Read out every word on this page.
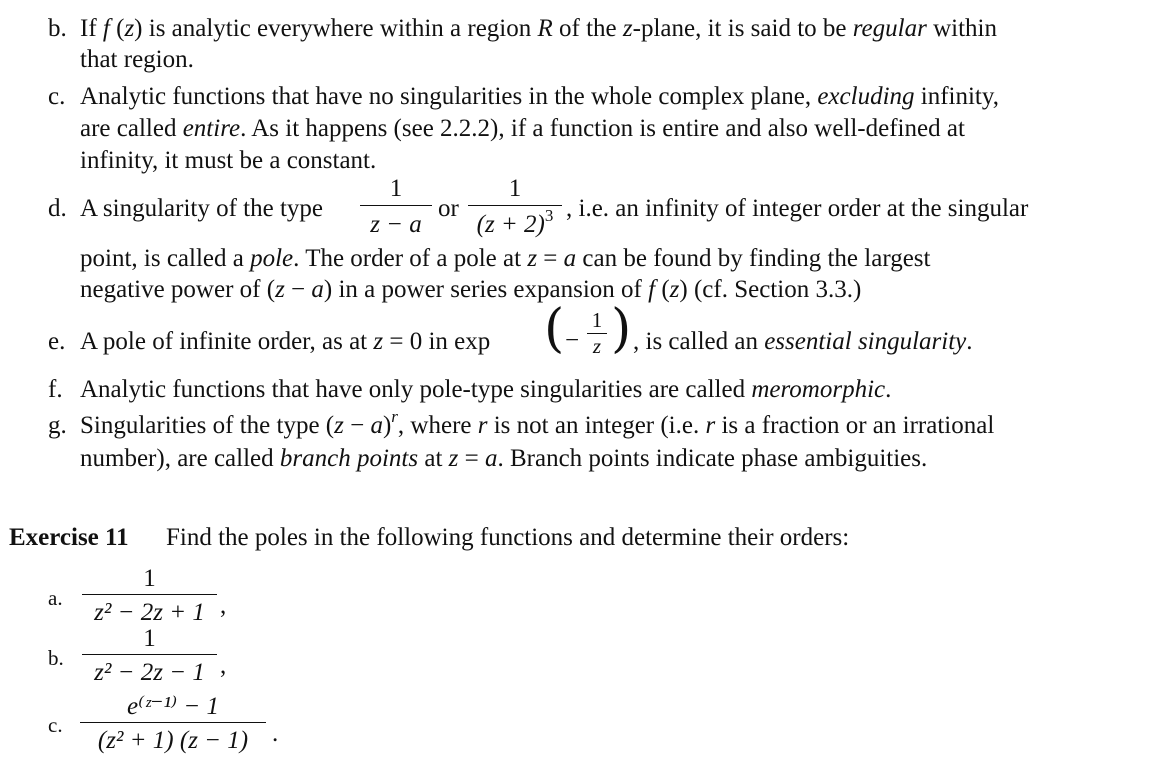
b. If f (z) is analytic everywhere within a region R of the z-plane, it is said to be regular within
that region.
c. Analytic functions that have no singularities in the whole complex plane, excluding infinity,
are called entire. As it happens (see 2.2.2), if a function is entire and also well-defined at
infinity, it must be a constant.
d. A singularity of the type
1
z − a
or
1
$(z + 2)^3$ , i.e. an infinity of integer order at the singular
point, is called a pole. The order of a pole at z = a can be found by finding the largest
negative power of (z − a) in a power series expansion of f (z) (cf. Section 3.3.)
e. A pole of infinite order, as at z = 0 in exp ( −
1
z ) , is called an essential singularity.
f. Analytic functions that have only pole-type singularities are called meromorphic.
g. Singularities of the type $(z - a)^r$, where r is not an integer (i.e. r is a fraction or an irrational
number), are called branch points at z = a. Branch points indicate phase ambiguities.
Exercise 11 Find the poles in the following functions and determine their orders:
a.
1
z² − 2z + 1 ,
b.
1
z² − 2z − 1 ,
c.
e⁽ᶻ⁻¹⁾ − 1
(z² + 1) (z − 1) .
